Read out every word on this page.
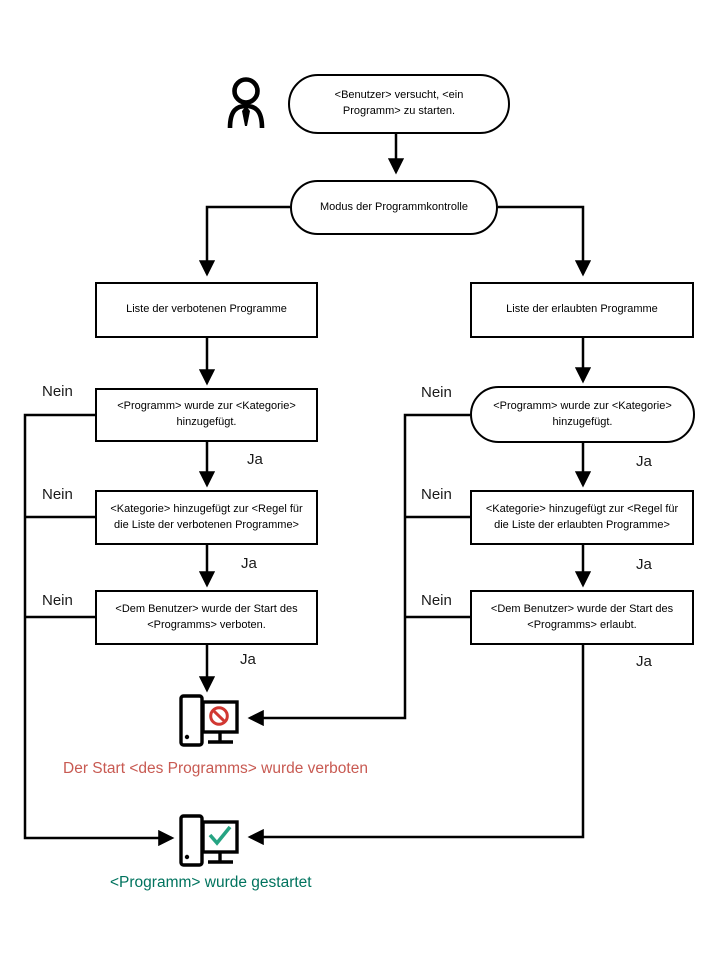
<Benutzer> versucht, <ein Programm> zu starten.
Modus der Programmkontrolle
Liste der verbotenen Programme	Liste der erlaubten Programme
<Programm> wurde zur <Kategorie> hinzugefügt.
<Programm> wurde zur <Kategorie> hinzugefügt.
<Kategorie> hinzugefügt zur <Regel für die Liste der verbotenen Programme>
<Kategorie> hinzugefügt zur <Regel für die Liste der erlaubten Programme>
<Dem Benutzer> wurde der Start des <Programms> verboten.
<Dem Benutzer> wurde der Start des <Programms> erlaubt.
Nein
Nein
Nein
Nein
Nein
Nein
Ja
Ja
Ja
Ja
Ja
Ja
Der Start <des Programms> wurde verboten
<Programm> wurde gestartet
